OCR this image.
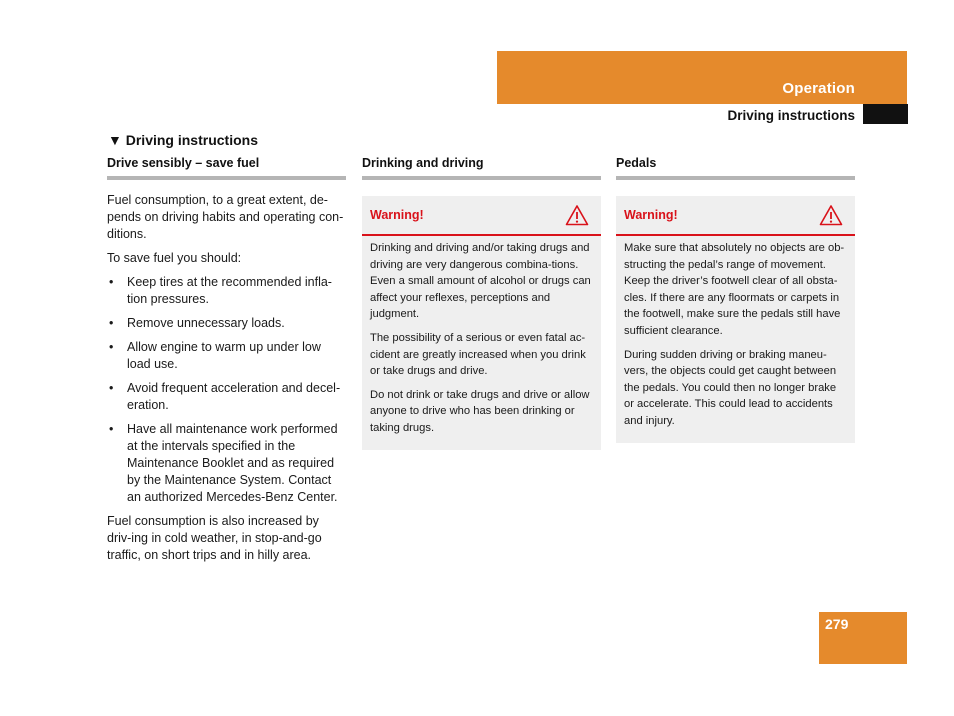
Operation
Driving instructions
▼ Driving instructions
Drive sensibly – save fuel

Fuel consumption, to a great extent, de-pends on driving habits and operating con-ditions.

To save fuel you should:

• Keep tires at the recommended infla-tion pressures.
• Remove unnecessary loads.
• Allow engine to warm up under low load use.
• Avoid frequent acceleration and decel-eration.
• Have all maintenance work performed at the intervals specified in the Maintenance Booklet and as required by the Maintenance System. Contact an authorized Mercedes-Benz Center.

Fuel consumption is also increased by driv-ing in cold weather, in stop-and-go traffic, on short trips and in hilly area.

Drinking and driving
Warning!

Drinking and driving and/or taking drugs and driving are very dangerous combina-tions. Even a small amount of alcohol or drugs can affect your reflexes, perceptions and judgment.

The possibility of a serious or even fatal ac-cident are greatly increased when you drink or take drugs and drive.

Do not drink or take drugs and drive or allow anyone to drive who has been drinking or taking drugs.

Pedals
Warning!

Make sure that absolutely no objects are ob-structing the pedal’s range of movement. Keep the driver’s footwell clear of all obsta-cles. If there are any floormats or carpets in the footwell, make sure the pedals still have sufficient clearance.

During sudden driving or braking maneu-vers, the objects could get caught between the pedals. You could then no longer brake or accelerate. This could lead to accidents and injury.

279
